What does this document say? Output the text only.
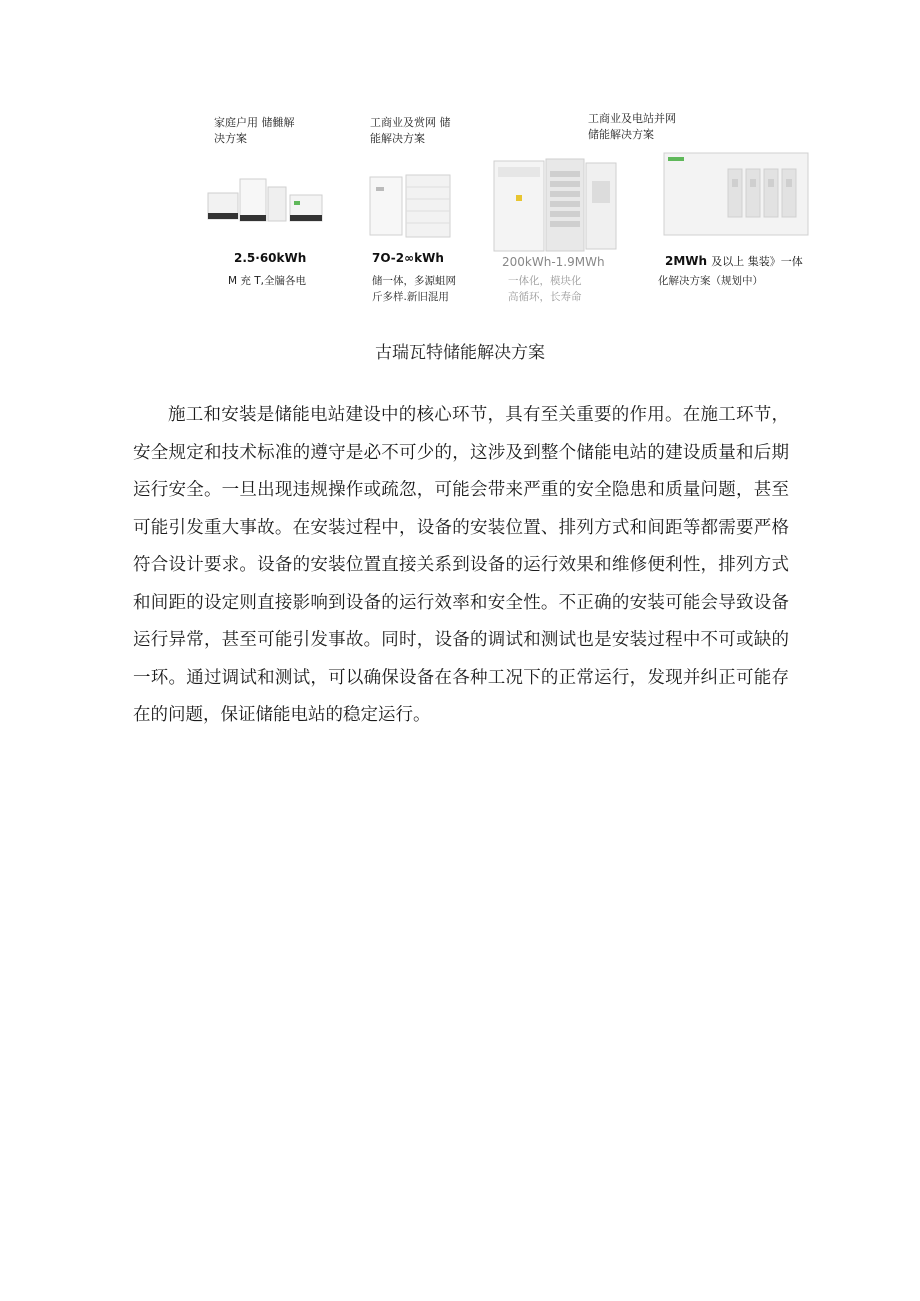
家庭户用 储雠解
决方案
2.5·60kWh
M 充 T,全牖各电
工商业及赏网 储
能解决方案
7O-2∞kWh
储一体，多源蛆网
斤多样.新旧混用
工商业及电站并网
储能解决方案
200kWh-1.9MWh
一体化，模块化
高循环，长寿命
2MWh 及以上 集装》一体
化解决方案（规划中）
古瑞瓦特储能解决方案

施工和安装是储能电站建设中的核心环节，具有至关重要的作用。在施工环节，安全规定和技术标准的遵守是必不可少的，这涉及到整个储能电站的建设质量和后期运行安全。一旦出现违规操作或疏忽，可能会带来严重的安全隐患和质量问题，甚至可能引发重大事故。在安装过程中，设备的安装位置、排列方式和间距等都需要严格符合设计要求。设备的安装位置直接关系到设备的运行效果和维修便利性，排列方式和间距的设定则直接影响到设备的运行效率和安全性。不正确的安装可能会导致设备运行异常，甚至可能引发事故。同时，设备的调试和测试也是安装过程中不可或缺的一环。通过调试和测试，可以确保设备在各种工况下的正常运行，发现并纠正可能存在的问题，保证储能电站的稳定运行。
